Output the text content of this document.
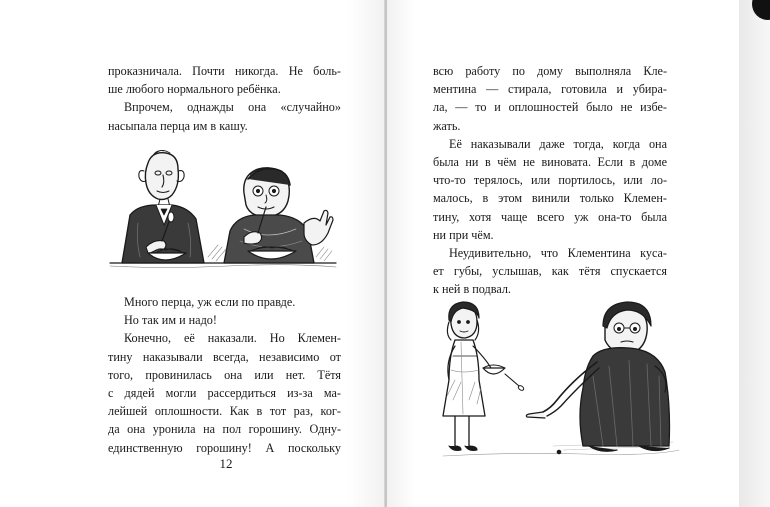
проказничала. Почти никогда. Не боль-
ше любого нормального ребёнка.

Впрочем, однажды она «случайно»
насыпала перца им в кашу.

Много перца, уж если по правде.

Но так им и надо!

Конечно, её наказали. Но Клемен-
тину наказывали всегда, независимо от
того, провинилась она или нет. Тётя
с дядей могли рассердиться из-за ма-
лейшей оплошности. Как в тот раз, ког-
да она уронила на пол горошину. Одну-
единственную горошину! А поскольку

12

всю работу по дому выполняла Кле-
ментина — стирала, готовила и убира-
ла, — то и оплошностей было не избе-
жать.

Её наказывали даже тогда, когда она
была ни в чём не виновата. Если в доме
что-то терялось, или портилось, или ло-
малось, в этом винили только Клемен-
тину, хотя чаще всего уж она-то была
ни при чём.

Неудивительно, что Клементина куса-
ет губы, услышав, как тётя спускается
к ней в подвал.
